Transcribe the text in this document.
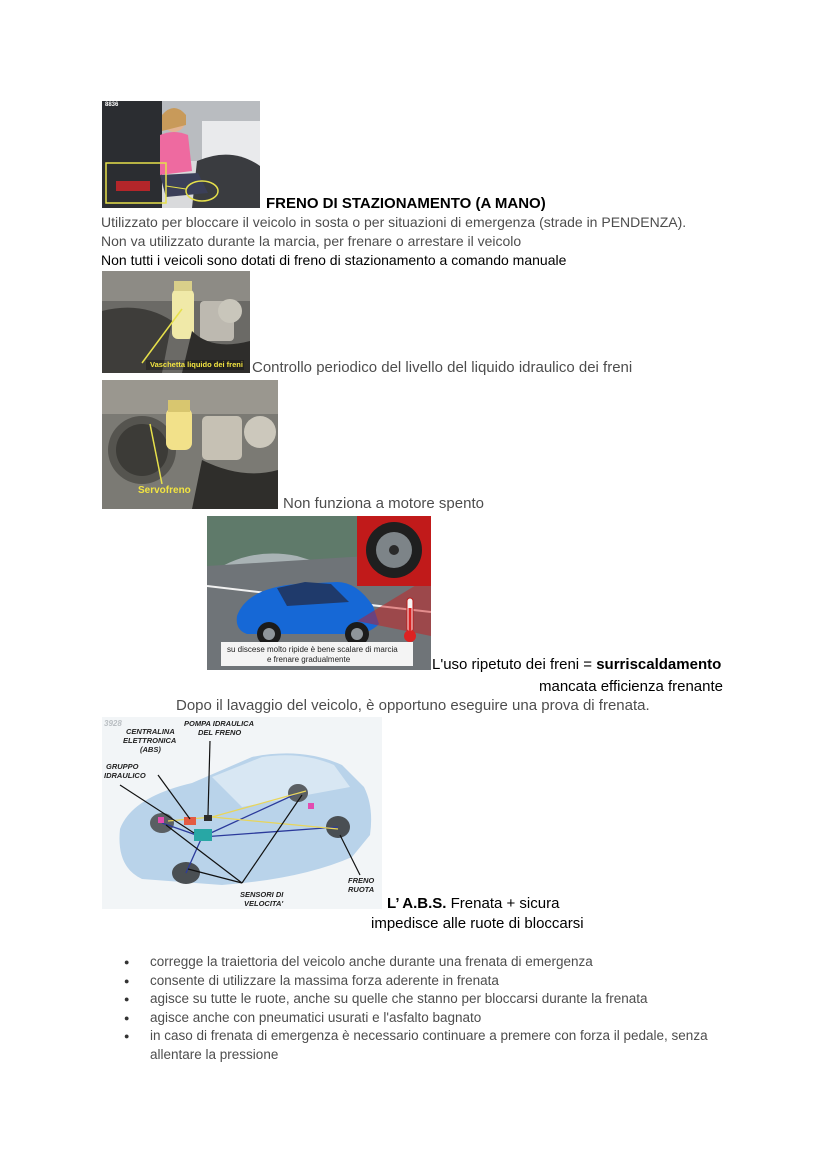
8836
FRENO DI STAZIONAMENTO (A MANO)
Utilizzato per bloccare il veicolo in sosta o per situazioni di emergenza (strade in PENDENZA).
Non va utilizzato durante la marcia, per frenare o arrestare il veicolo
Non tutti i veicoli sono dotati di freno di stazionamento a comando manuale
Vaschetta liquido dei freni Controllo periodico del livello del liquido idraulico dei freni
Servofreno
Non funziona a motore spento
su discese molto ripide è bene scalare di marcia
e frenare gradualmente	L'uso ripetuto dei freni = surriscaldamento
mancata efficienza frenante
Dopo il lavaggio del veicolo, è opportuno eseguire una prova di frenata.
3928
CENTRALINA
ELETTRONICA
(ABS)
POMPA IDRAULICA
DEL FRENO
GRUPPO
IDRAULICO
SENSORI DI
VELOCITA'
FRENO
RUOTA
L’ A.B.S. Frenata + sicura
impedisce alle ruote di bloccarsi
● corregge la traiettoria del veicolo anche durante una frenata di emergenza
● consente di utilizzare la massima forza aderente in frenata
● agisce su tutte le ruote, anche su quelle che stanno per bloccarsi durante la frenata
● agisce anche con pneumatici usurati e l'asfalto bagnato
● in caso di frenata di emergenza è necessario continuare a premere con forza il pedale, senza allentare la pressione
